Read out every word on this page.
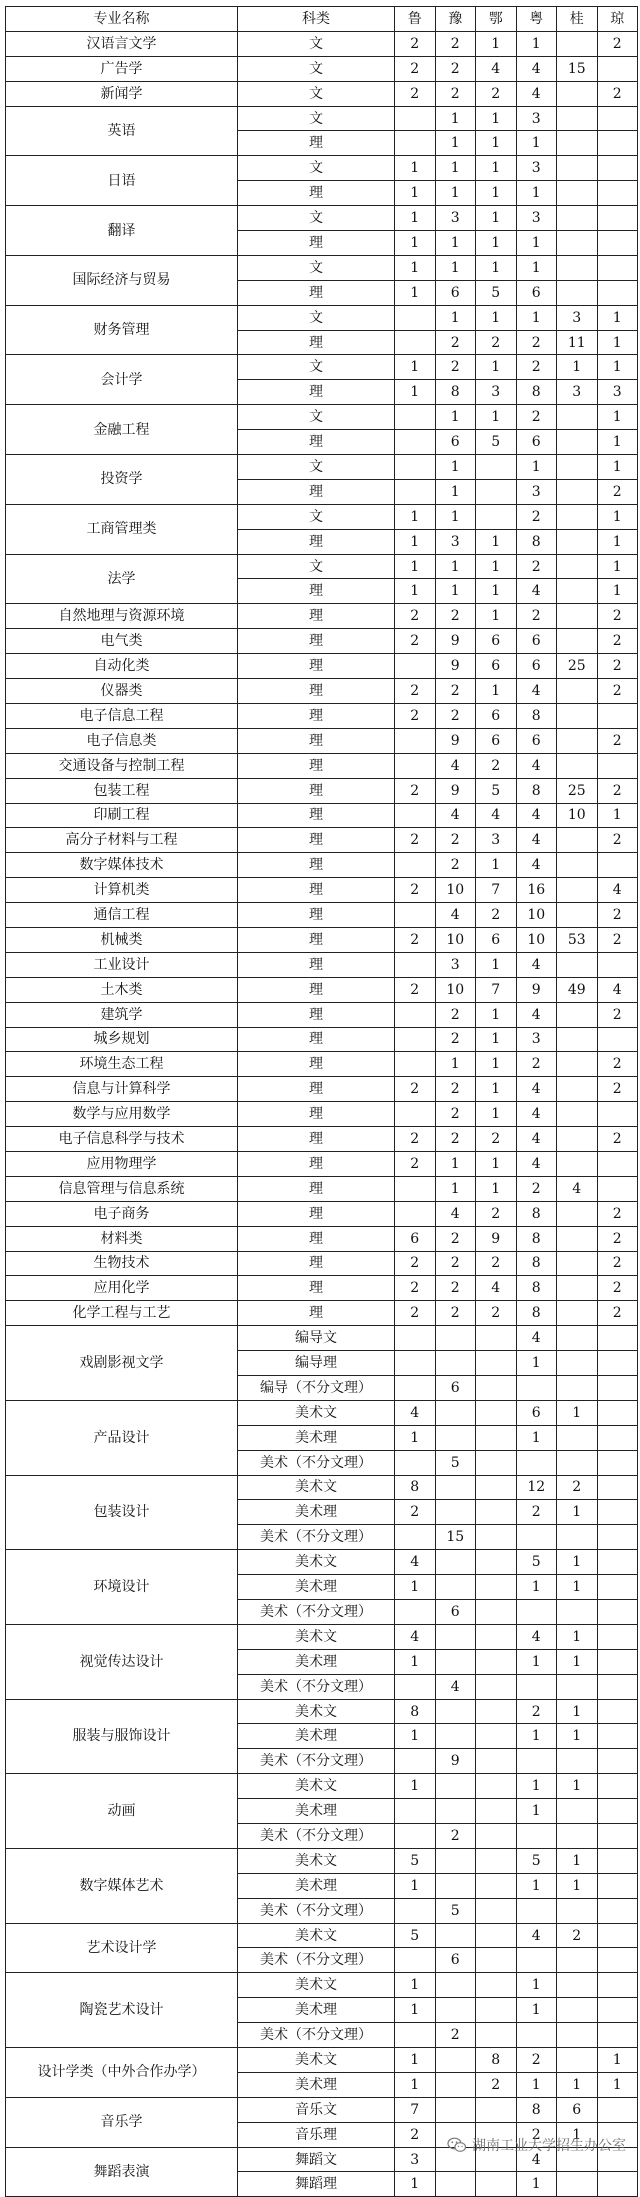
专业名称	科类	鲁	豫	鄂	粤	桂	琼
汉语言文学	文	2	2	1	1		2
广告学	文	2	2	4	4	15	
新闻学	文	2	2	2	4		2
英语	文		1	1	3		
	理		1	1	1		
日语	文	1	1	1	3		
	理	1	1	1	1		
翻译	文	1	3	1	3		
	理	1	1	1	1		
国际经济与贸易	文	1	1	1	1		
	理	1	6	5	6		
财务管理	文		1	1	1	3	1
	理		2	2	2	11	1
会计学	文	1	2	1	2	1	1
	理	1	8	3	8	3	3
金融工程	文		1	1	2		1
	理		6	5	6		1
投资学	文		1		1		1
	理		1		3		2
工商管理类	文	1	1		2		1
	理	1	3	1	8		1
法学	文	1	1	1	2		1
	理	1	1	1	4		1
自然地理与资源环境	理	2	2	1	2		2
电气类	理	2	9	6	6		2
自动化类	理		9	6	6	25	2
仪器类	理	2	2	1	4		2
电子信息工程	理	2	2	6	8		
电子信息类	理		9	6	6		2
交通设备与控制工程	理		4	2	4		
包装工程	理	2	9	5	8	25	2
印刷工程	理		4	4	4	10	1
高分子材料与工程	理	2	2	3	4		2
数字媒体技术	理		2	1	4		
计算机类	理	2	10	7	16		4
通信工程	理		4	2	10		2
机械类	理	2	10	6	10	53	2
工业设计	理		3	1	4		
土木类	理	2	10	7	9	49	4
建筑学	理		2	1	4		2
城乡规划	理		2	1	3		
环境生态工程	理		1	1	2		2
信息与计算科学	理	2	2	1	4		2
数学与应用数学	理		2	1	4		
电子信息科学与技术	理	2	2	2	4		2
应用物理学	理	2	1	1	4		
信息管理与信息系统	理		1	1	2	4	
电子商务	理		4	2	8		2
材料类	理	6	2	9	8		2
生物技术	理	2	2	2	8		2
应用化学	理	2	2	4	8		2
化学工程与工艺	理	2	2	2	8		2
戏剧影视文学	编导文				4		
	编导理				1		
	编导（不分文理）		6				
产品设计	美术文	4			6	1	
	美术理	1			1		
	美术（不分文理）		5				
包装设计	美术文	8			12	2	
	美术理	2			2	1	
	美术（不分文理）		15				
环境设计	美术文	4			5	1	
	美术理	1			1	1	
	美术（不分文理）		6				
视觉传达设计	美术文	4			4	1	
	美术理	1			1	1	
	美术（不分文理）		4				
服装与服饰设计	美术文	8			2	1	
	美术理	1			1	1	
	美术（不分文理）		9				
动画	美术文	1			1	1	
	美术理				1		
	美术（不分文理）		2				
数字媒体艺术	美术文	5			5	1	
	美术理	1			1	1	
	美术（不分文理）		5				
艺术设计学	美术文	5			4	2	
	美术（不分文理）		6				
陶瓷艺术设计	美术文	1			1		
	美术理	1			1		
	美术（不分文理）		2				
设计学类（中外合作办学）	美术文	1		8	2		1
	美术理	1		2	1	1	1
音乐学	音乐文	7			8	6	
	音乐理	2			2	1	
舞蹈表演	舞蹈文	3			4		
	舞蹈理	1			1		
湖南工业大学招生办公室
